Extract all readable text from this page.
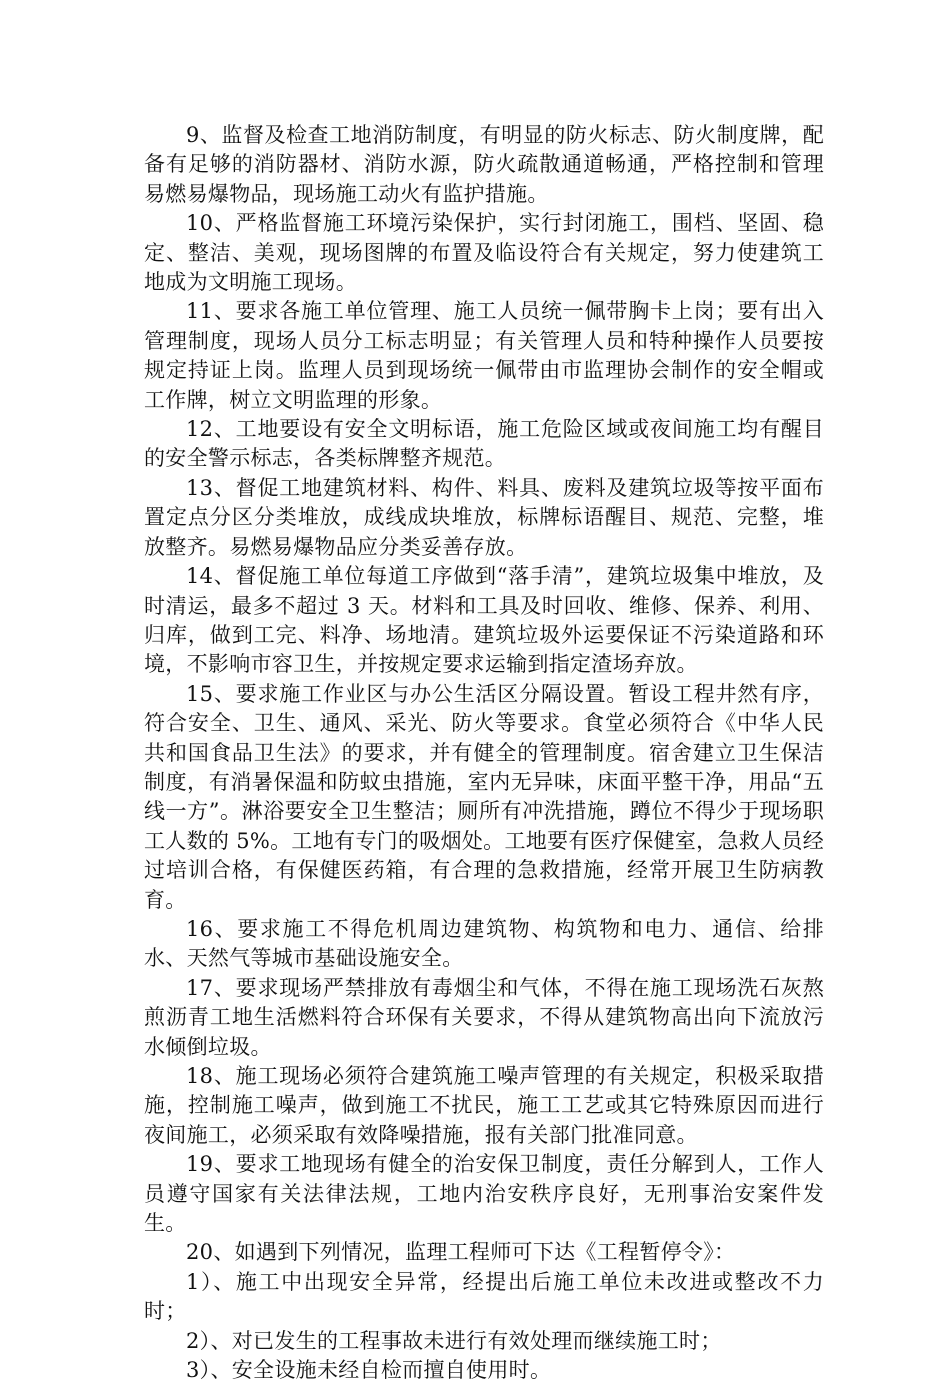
9、监督及检查工地消防制度，有明显的防火标志、防火制度牌，配备有足够的消防器材、消防水源，防火疏散通道畅通，严格控制和管理易燃易爆物品，现场施工动火有监护措施。

10、严格监督施工环境污染保护，实行封闭施工，围档、坚固、稳定、整洁、美观，现场图牌的布置及临设符合有关规定，努力使建筑工地成为文明施工现场。

11、要求各施工单位管理、施工人员统一佩带胸卡上岗；要有出入管理制度，现场人员分工标志明显；有关管理人员和特种操作人员要按规定持证上岗。监理人员到现场统一佩带由市监理协会制作的安全帽或工作牌，树立文明监理的形象。

12、工地要设有安全文明标语，施工危险区域或夜间施工均有醒目的安全警示标志，各类标牌整齐规范。

13、督促工地建筑材料、构件、料具、废料及建筑垃圾等按平面布置定点分区分类堆放，成线成块堆放，标牌标语醒目、规范、完整，堆放整齐。易燃易爆物品应分类妥善存放。

14、督促施工单位每道工序做到“落手清”，建筑垃圾集中堆放，及时清运，最多不超过 3 天。材料和工具及时回收、维修、保养、利用、归库，做到工完、料净、场地清。建筑垃圾外运要保证不污染道路和环境，不影响市容卫生，并按规定要求运输到指定渣场弃放。

15、要求施工作业区与办公生活区分隔设置。暂设工程井然有序，符合安全、卫生、通风、采光、防火等要求。食堂必须符合《中华人民共和国食品卫生法》的要求，并有健全的管理制度。宿舍建立卫生保洁制度，有消暑保温和防蚊虫措施，室内无异味，床面平整干净，用品“五线一方”。淋浴要安全卫生整洁；厕所有冲洗措施，蹲位不得少于现场职工人数的 5%。工地有专门的吸烟处。工地要有医疗保健室，急救人员经过培训合格，有保健医药箱，有合理的急救措施，经常开展卫生防病教育。

16、要求施工不得危机周边建筑物、构筑物和电力、通信、给排水、天然气等城市基础设施安全。

17、要求现场严禁排放有毒烟尘和气体，不得在施工现场洗石灰熬煎沥青工地生活燃料符合环保有关要求，不得从建筑物高出向下流放污水倾倒垃圾。

18、施工现场必须符合建筑施工噪声管理的有关规定，积极采取措施，控制施工噪声，做到施工不扰民，施工工艺或其它特殊原因而进行夜间施工，必须采取有效降噪措施，报有关部门批准同意。

19、要求工地现场有健全的治安保卫制度，责任分解到人，工作人员遵守国家有关法律法规，工地内治安秩序良好，无刑事治安案件发生。

20、如遇到下列情况，监理工程师可下达《工程暂停令》：

1）、施工中出现安全异常，经提出后施工单位未改进或整改不力时；

2）、对已发生的工程事故未进行有效处理而继续施工时；

3）、安全设施未经自检而擅自使用时。
